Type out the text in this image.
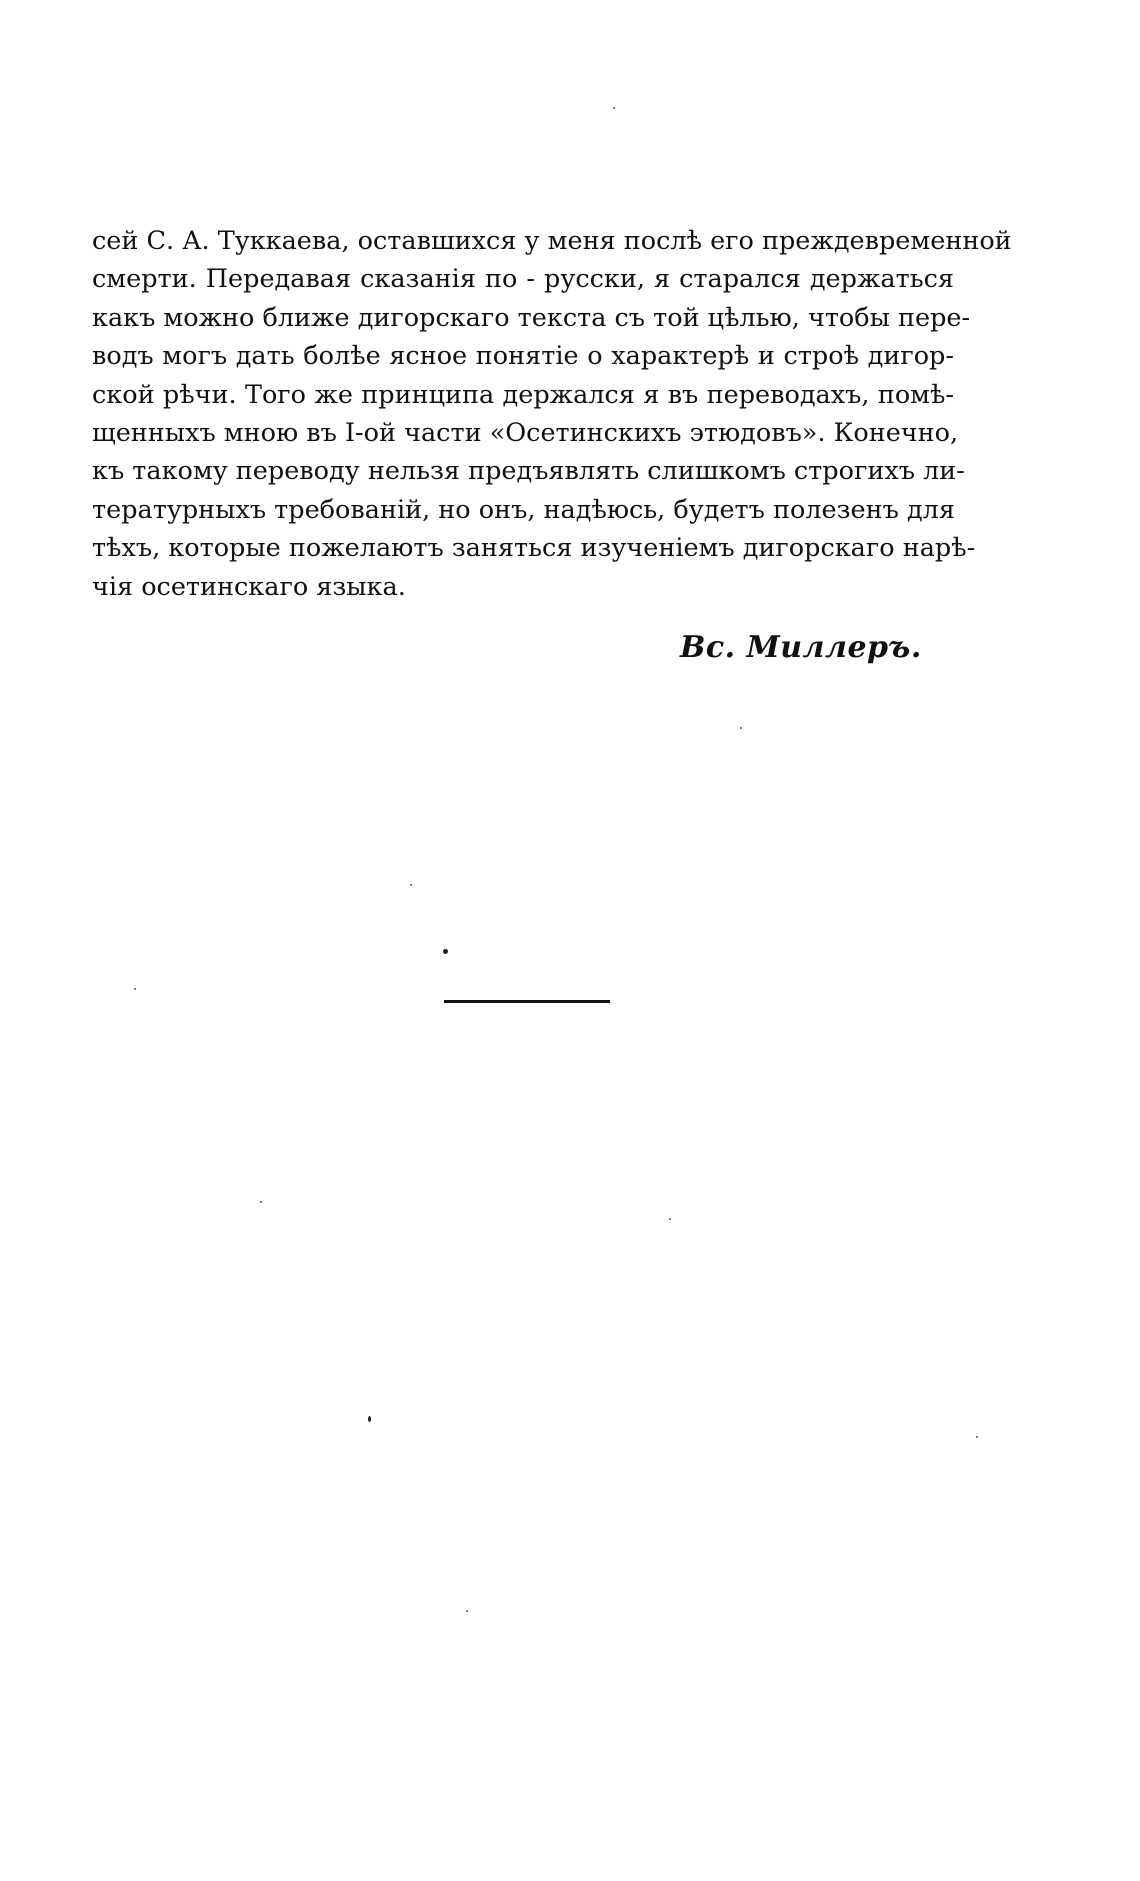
сей С. А. Туккаева, оставшихся у меня послѣ его преждевременной
смерти. Передавая сказанія по - русски, я старался держаться
какъ можно ближе дигорскаго текста съ той цѣлью, чтобы пере-
водъ могъ дать болѣе ясное понятіе о характерѣ и строѣ дигор-
ской рѣчи. Того же принципа держался я въ переводахъ, помѣ-
щенныхъ мною въ I-ой части «Осетинскихъ этюдовъ». Конечно,
къ такому переводу нельзя предъявлять слишкомъ строгихъ ли-
тературныхъ требованій, но онъ, надѣюсь, будетъ полезенъ для
тѣхъ, которые пожелаютъ заняться изученіемъ дигорскаго нарѣ-
чія осетинскаго языка.
Вс. Миллеръ.
